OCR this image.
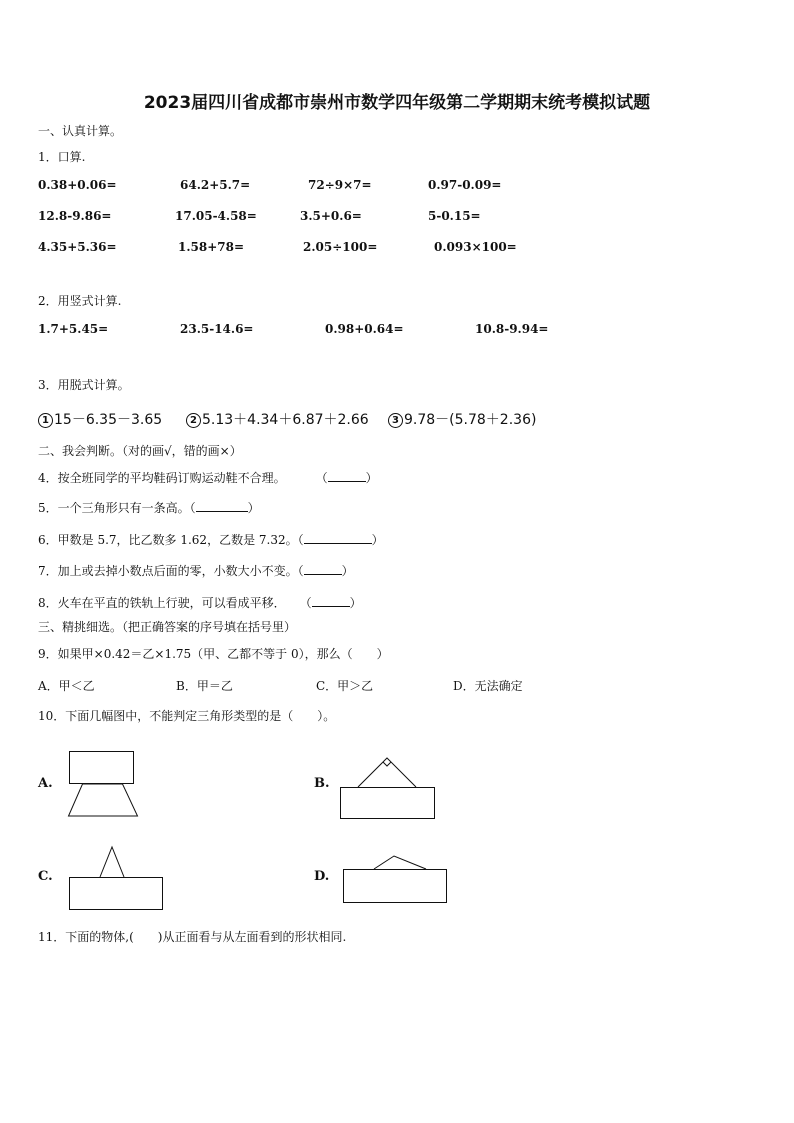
2023届四川省成都市崇州市数学四年级第二学期期末统考模拟试题
一、认真计算。
1．口算.
0.38+0.06=	64.2+5.7=	72÷9×7=	0.97-0.09=
12.8-9.86=	17.05-4.58=	3.5+0.6=	5-0.15=
4.35+5.36=	1.58+78=	2.05÷100=	0.093×100=
2．用竖式计算.
1.7+5.45=	23.5-14.6=	0.98+0.64=	10.8-9.94=
3．用脱式计算。
1 15－6.35－3.65	2 5.13＋4.34＋6.87＋2.66	3 9.78－(5.78＋2.36)
二、我会判断。（对的画√，错的画×）
4．按全班同学的平均鞋码订购运动鞋不合理。	（	）
5．一个三角形只有一条高。（	）
6．甲数是 5.7，比乙数多 1.62，乙数是 7.32。（	）
7．加上或去掉小数点后面的零，小数大小不变。（	）
8．火车在平直的铁轨上行驶，可以看成平移． （	）
三、精挑细选。（把正确答案的序号填在括号里）
9．如果甲×0.42＝乙×1.75（甲、乙都不等于 0），那么（　　）
A．甲＜乙	B．甲＝乙	C．甲＞乙	D．无法确定
10．下面几幅图中，不能判定三角形类型的是（　　）。
A.	B.
C.	D.
11．下面的物体,(　　)从正面看与从左面看到的形状相同.
